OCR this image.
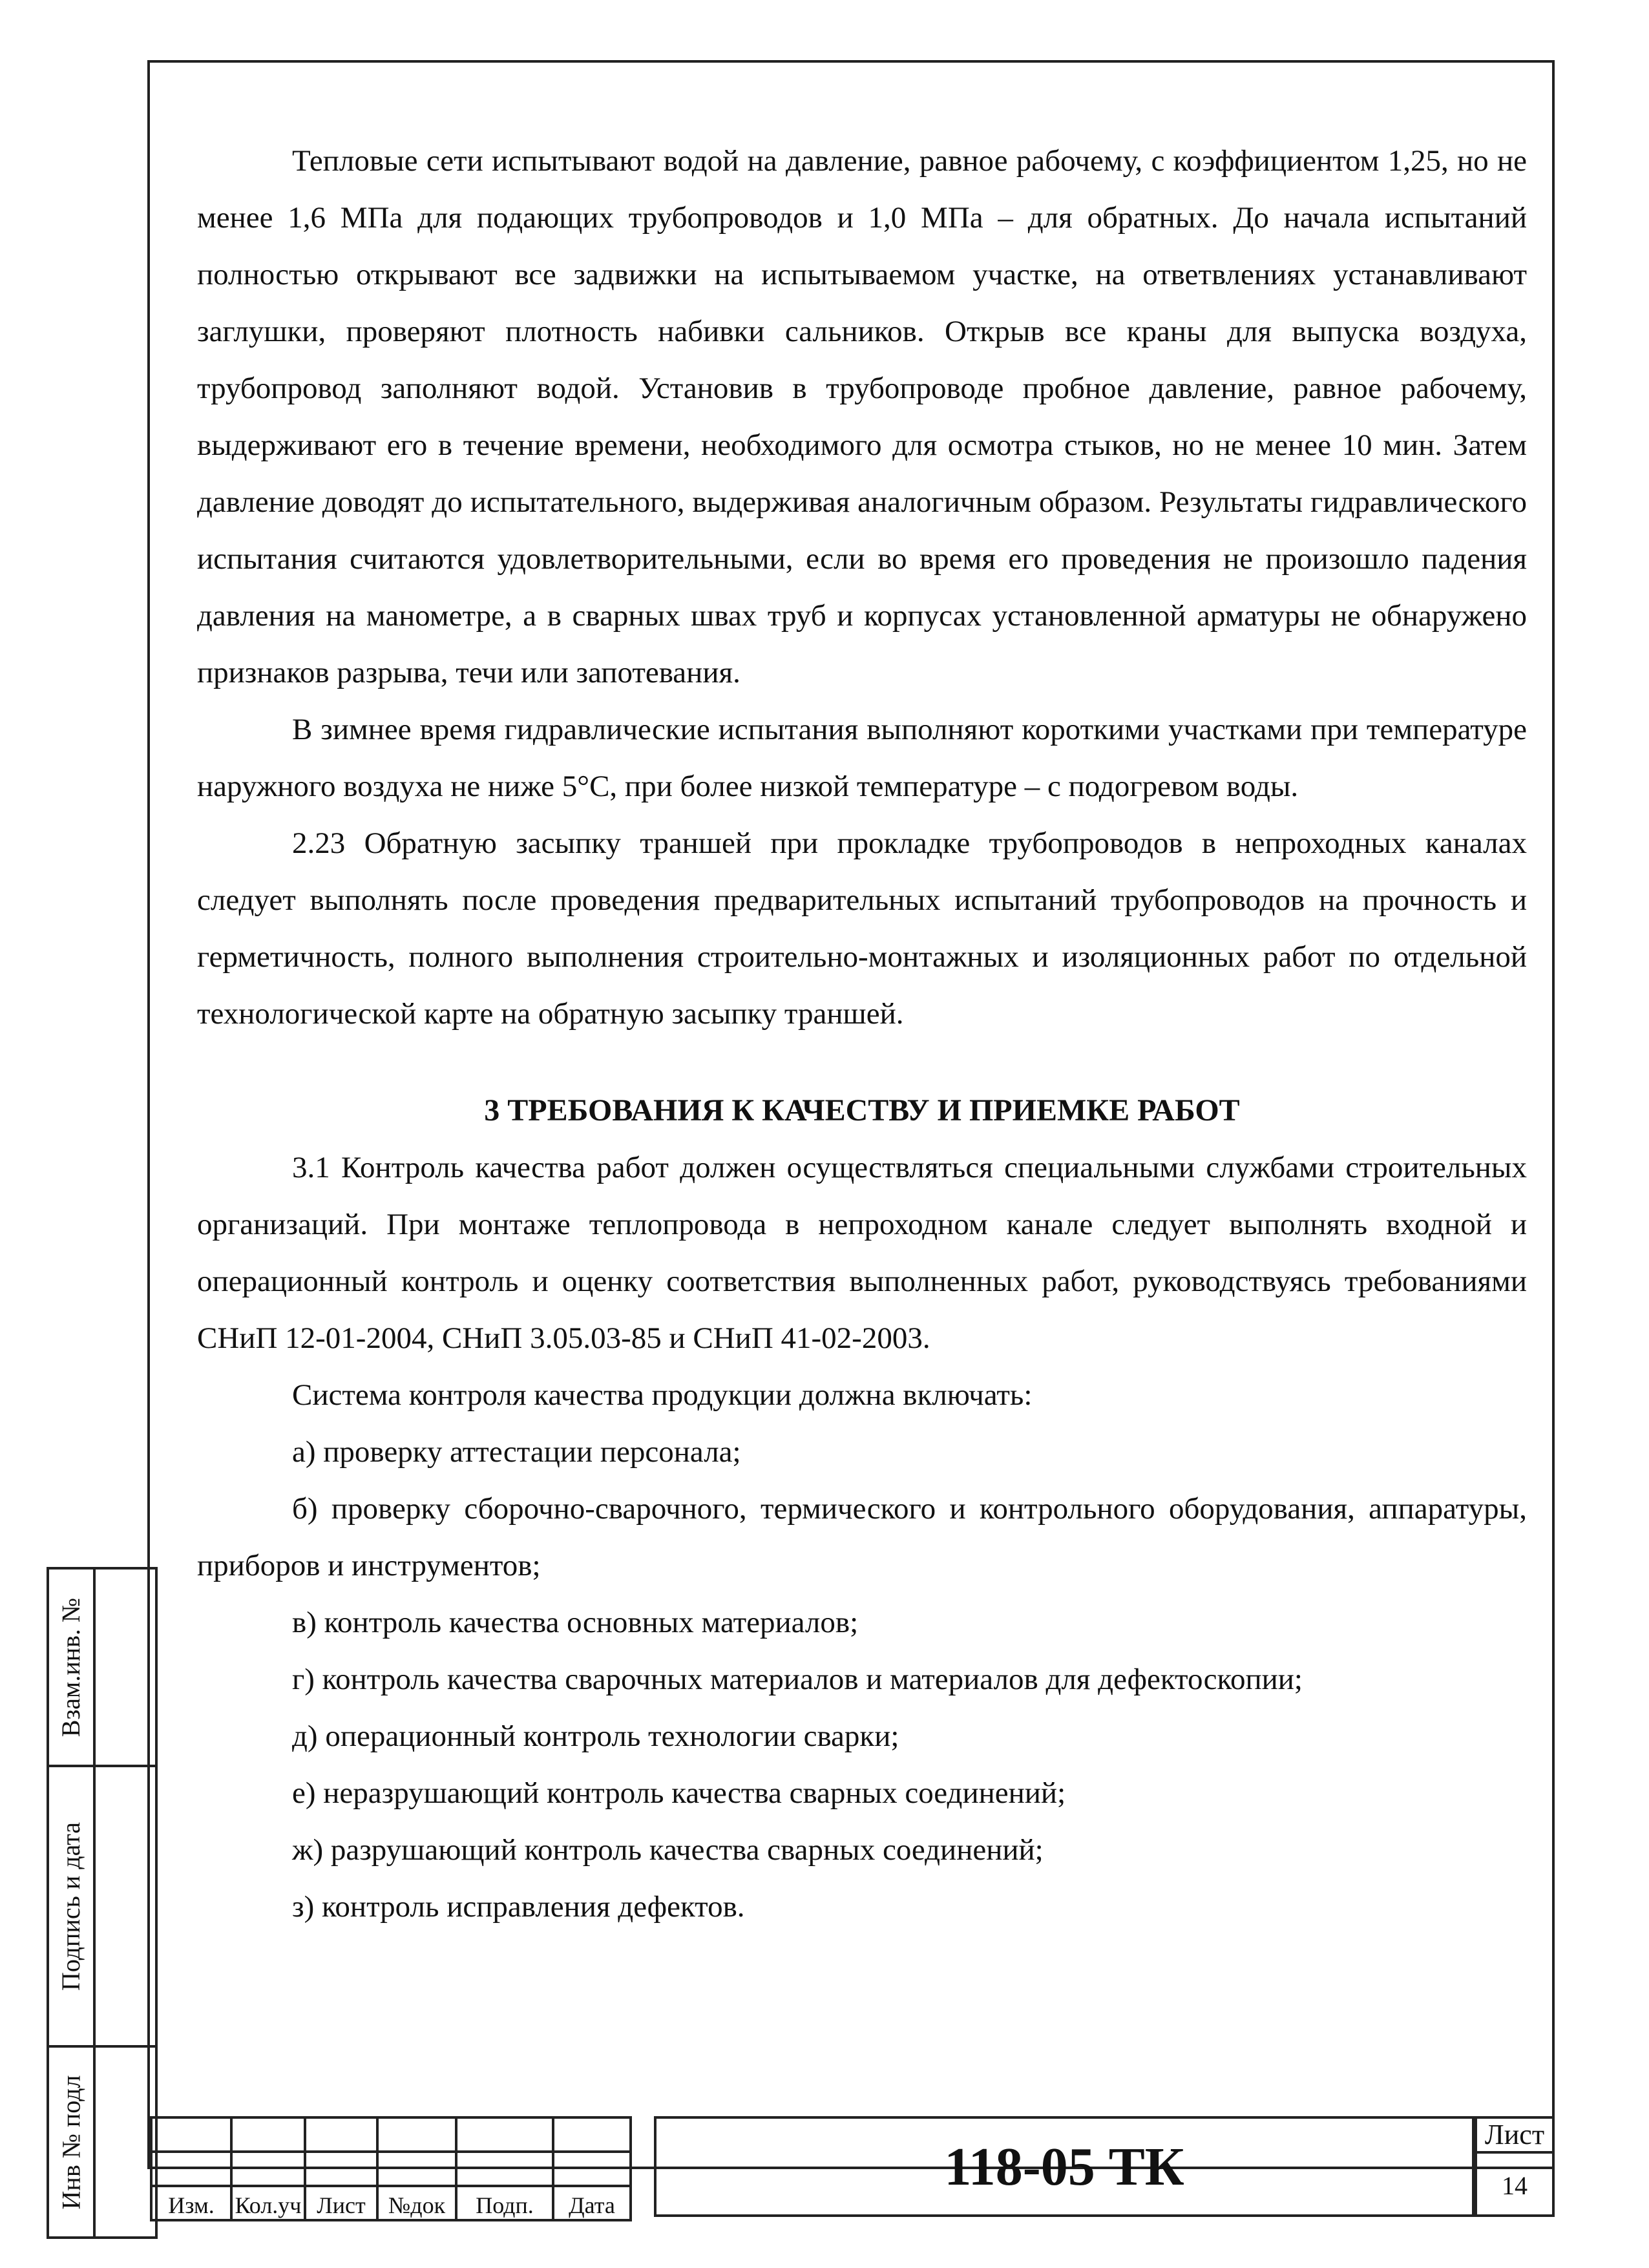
Тепловые сети испытывают водой на давление, равное рабочему, с коэффициентом 1,25, но не менее 1,6 МПа для подающих трубопроводов и 1,0 МПа – для обратных. До начала испытаний полностью открывают все задвижки на испытываемом участке, на ответвлениях устанавливают заглушки, проверяют плотность набивки сальников. Открыв все краны для выпуска воздуха, трубопровод заполняют водой. Установив в трубопроводе пробное давление, равное рабочему, выдерживают его в течение времени, необходимого для осмотра стыков, но не менее 10 мин. Затем давление доводят до испытательного, выдерживая аналогичным образом. Результаты гидравлического испытания считаются удовлетворительными, если во время его проведения не произошло падения давления на манометре, а в сварных швах труб и корпусах установленной арматуры не обнаружено признаков разрыва, течи или запотевания.

В зимнее время гидравлические испытания выполняют короткими участками при температуре наружного воздуха не ниже 5°С, при более низкой температуре – с подогревом воды.

2.23 Обратную засыпку траншей при прокладке трубопроводов в непроходных каналах следует выполнять после проведения предварительных испытаний трубопроводов на прочность и герметичность, полного выполнения строительно-монтажных и изоляционных работ по отдельной технологической карте на обратную засыпку траншей.

3 ТРЕБОВАНИЯ К КАЧЕСТВУ И ПРИЕМКЕ РАБОТ

3.1 Контроль качества работ должен осуществляться специальными службами строительных организаций. При монтаже теплопровода в непроходном канале следует выполнять входной и операционный контроль и оценку соответствия выполненных работ, руководствуясь требованиями СНиП 12-01-2004, СНиП 3.05.03-85 и СНиП 41-02-2003.

Система контроля качества продукции должна включать:

а) проверку аттестации персонала;

б) проверку сборочно-сварочного, термического и контрольного оборудования, аппаратуры, приборов и инструментов;

в) контроль качества основных материалов;

г) контроль качества сварочных материалов и материалов для дефектоскопии;

д) операционный контроль технологии сварки;

е) неразрушающий контроль качества сварных соединений;

ж) разрушающий контроль качества сварных соединений;

з) контроль исправления дефектов.

Взам.инв. №
Подпись и дата
Инв № подл

						Изм.	Кол.уч	Лист	№док	Подп.	Дата
118-05 ТК
Лист
14
